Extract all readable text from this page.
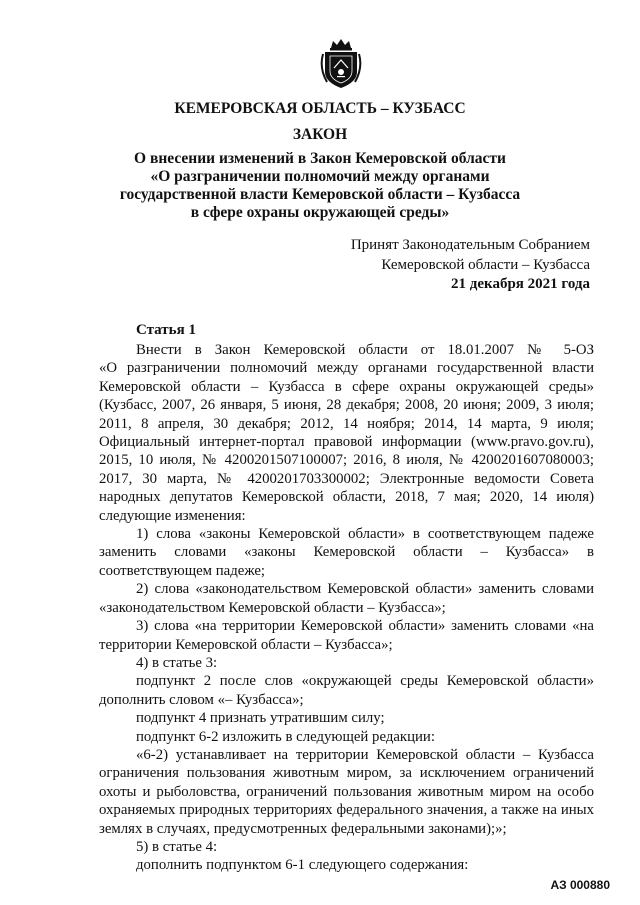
КЕМЕРОВСКАЯ ОБЛАСТЬ – КУЗБАСС
ЗАКОН
О внесении изменений в Закон Кемеровской области
«О разграничении полномочий между органами
государственной власти Кемеровской области – Кузбасса
в сфере охраны окружающей среды»
Принят Законодательным Собранием
Кемеровской области – Кузбасса
21 декабря 2021 года
Статья 1
Внести в Закон Кемеровской области от 18.01.2007 № 5-ОЗ
«О разграничении полномочий между органами государственной власти
Кемеровской области – Кузбасса в сфере охраны окружающей среды»
(Кузбасс, 2007, 26 января, 5 июня, 28 декабря; 2008, 20 июня; 2009, 3 июля;
2011, 8 апреля, 30 декабря; 2012, 14 ноября; 2014, 14 марта, 9 июля;
Официальный интернет-портал правовой информации (www.pravo.gov.ru),
2015, 10 июля, № 4200201507100007; 2016, 8 июля, № 4200201607080003;
2017, 30 марта, № 4200201703300002; Электронные ведомости Совета
народных депутатов Кемеровской области, 2018, 7 мая; 2020, 14 июля)
следующие изменения:
1) слова «законы Кемеровской области» в соответствующем падеже
заменить словами «законы Кемеровской области – Кузбасса» в
соответствующем падеже;
2) слова «законодательством Кемеровской области» заменить словами
«законодательством Кемеровской области – Кузбасса»;
3) слова «на территории Кемеровской области» заменить словами «на
территории Кемеровской области – Кузбасса»;
4) в статье 3:
подпункт 2 после слов «окружающей среды Кемеровской области»
дополнить словом «– Кузбасса»;
подпункт 4 признать утратившим силу;
подпункт 6-2 изложить в следующей редакции:
«6-2) устанавливает на территории Кемеровской области – Кузбасса
ограничения пользования животным миром, за исключением ограничений
охоты и рыболовства, ограничений пользования животным миром на особо
охраняемых природных территориях федерального значения, а также на иных
землях в случаях, предусмотренных федеральными законами);»;
5) в статье 4:
дополнить подпунктом 6-1 следующего содержания:
АЗ 000880
